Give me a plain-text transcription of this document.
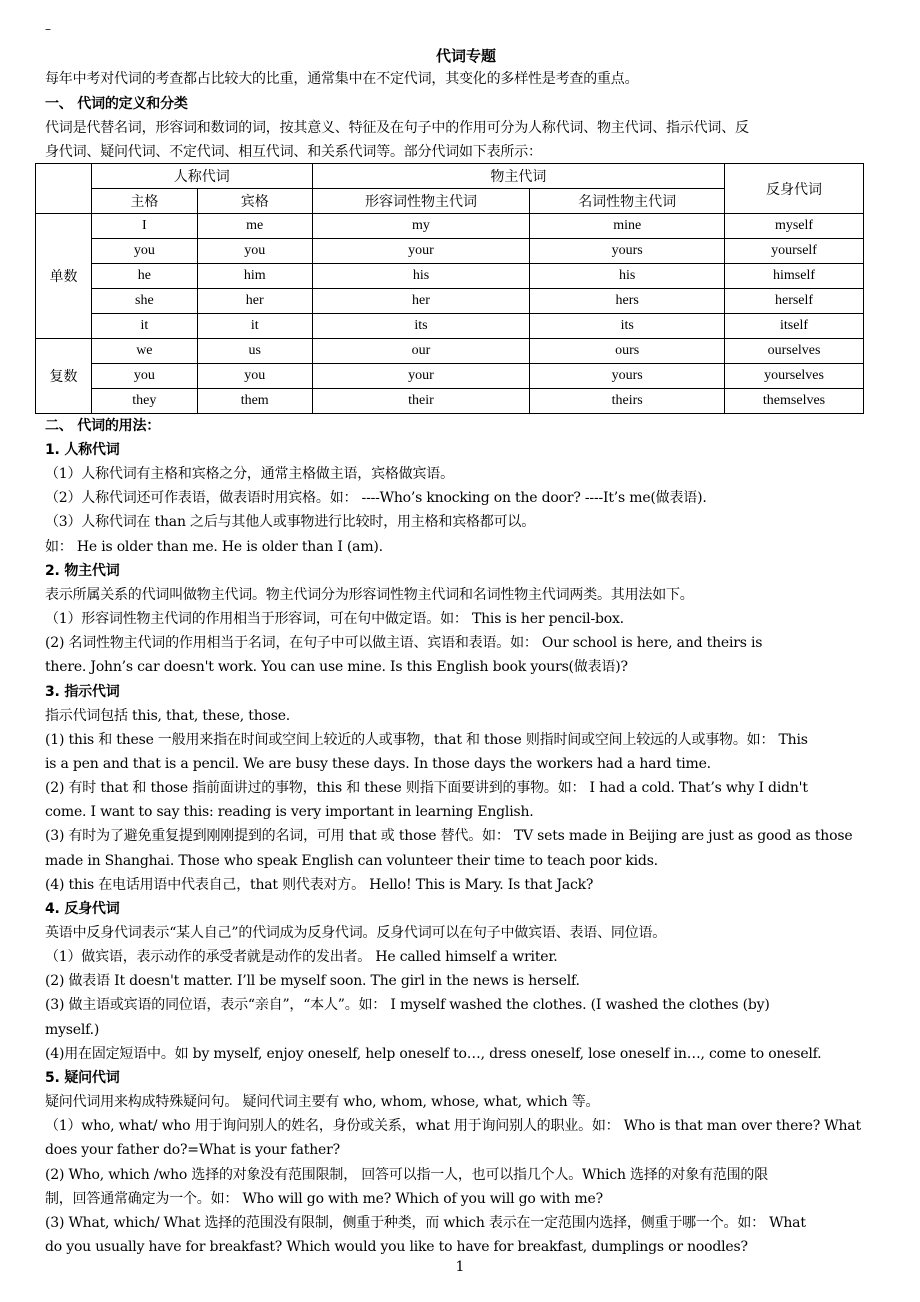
–
代词专题
每年中考对代词的考查都占比较大的比重，通常集中在不定代词，其变化的多样性是考查的重点。
一、 代词的定义和分类
代词是代替名词，形容词和数词的词，按其意义、特征及在句子中的作用可分为人称代词、物主代词、指示代词、反
身代词、疑问代词、不定代词、相互代词、和关系代词等。部分代词如下表所示：
	人称代词		物主代词		反身代词
	主格	宾格	形容词性物主代词	名词性物主代词	
单数	I	me	my	mine	myself
	you	you	your	yours	yourself
	he	him	his	his	himself
	she	her	her	hers	herself
	it	it	its	its	itself
复数	we	us	our	ours	ourselves
	you	you	your	yours	yourselves
	they	them	their	theirs	themselves
二、 代词的用法：
1. 人称代词
（1）人称代词有主格和宾格之分，通常主格做主语，宾格做宾语。
（2）人称代词还可作表语，做表语时用宾格。如： ----Who’s knocking on the door? ----It’s me(做表语).
（3）人称代词在 than 之后与其他人或事物进行比较时，用主格和宾格都可以。
如： He is older than me. He is older than I (am).
2. 物主代词
表示所属关系的代词叫做物主代词。物主代词分为形容词性物主代词和名词性物主代词两类。其用法如下。
（1）形容词性物主代词的作用相当于形容词，可在句中做定语。如： This is her pencil-box.
(2) 名词性物主代词的作用相当于名词，在句子中可以做主语、宾语和表语。如： Our school is here, and theirs is
there. John’s car doesn't work. You can use mine. Is this English book yours(做表语)?
3. 指示代词
指示代词包括 this, that, these, those.
(1) this 和 these 一般用来指在时间或空间上较近的人或事物，that 和 those 则指时间或空间上较远的人或事物。如： This
is a pen and that is a pencil. We are busy these days. In those days the workers had a hard time.
(2) 有时 that 和 those 指前面讲过的事物，this 和 these 则指下面要讲到的事物。如： I had a cold. That’s why I didn't
come. I want to say this: reading is very important in learning English.
(3) 有时为了避免重复提到刚刚提到的名词，可用 that 或 those 替代。如： TV sets made in Beijing are just as good as those
made in Shanghai. Those who speak English can volunteer their time to teach poor kids.
(4) this 在电话用语中代表自己，that 则代表对方。 Hello! This is Mary. Is that Jack?
4. 反身代词
英语中反身代词表示“某人自己”的代词成为反身代词。反身代词可以在句子中做宾语、表语、同位语。
（1）做宾语，表示动作的承受者就是动作的发出者。 He called himself a writer.
(2) 做表语 It doesn't matter. I’ll be myself soon. The girl in the news is herself.
(3) 做主语或宾语的同位语，表示“亲自”，“本人”。如： I myself washed the clothes. (I washed the clothes (by)
myself.)
(4)用在固定短语中。如 by myself, enjoy oneself, help oneself to…, dress oneself, lose oneself in…, come to oneself.
5. 疑问代词
疑问代词用来构成特殊疑问句。 疑问代词主要有 who, whom, whose, what, which 等。
（1）who, what/ who 用于询问别人的姓名，身份或关系，what 用于询问别人的职业。如： Who is that man over there? What
does your father do?=What is your father?
(2) Who, which /who 选择的对象没有范围限制， 回答可以指一人，也可以指几个人。Which 选择的对象有范围的限
制，回答通常确定为一个。如： Who will go with me? Which of you will go with me?
(3) What, which/ What 选择的范围没有限制，侧重于种类，而 which 表示在一定范围内选择，侧重于哪一个。如： What
do you usually have for breakfast? Which would you like to have for breakfast, dumplings or noodles?
1
